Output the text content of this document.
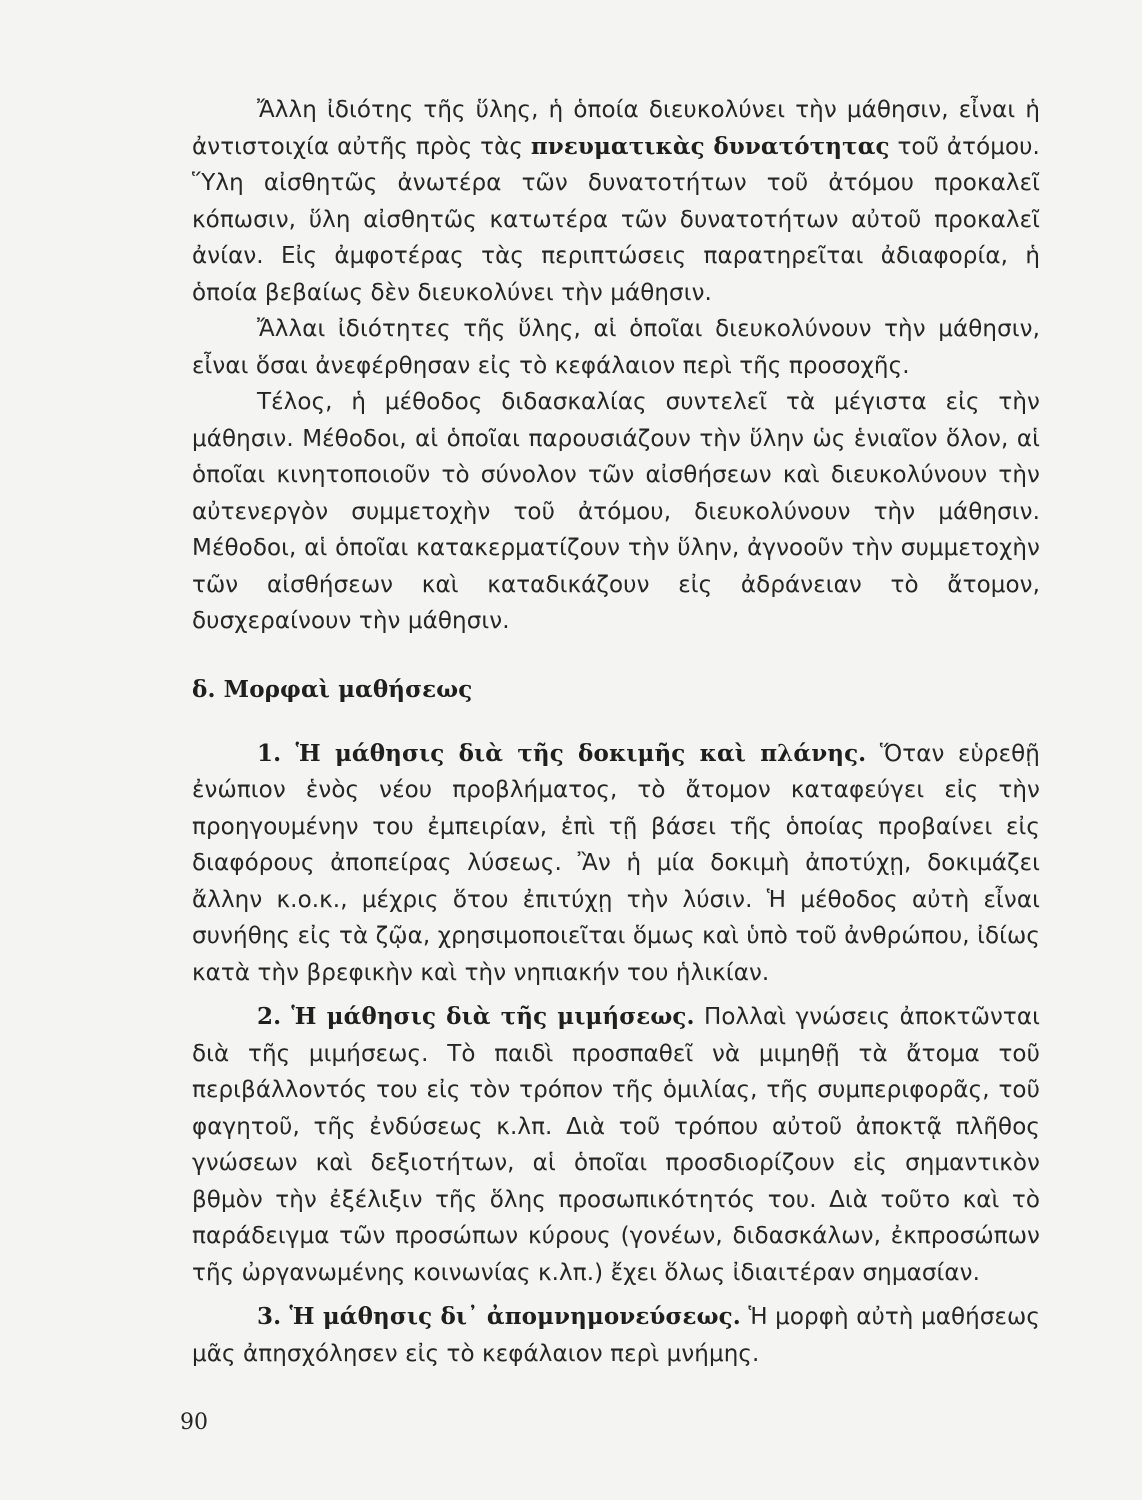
Ἄλλη ἰδιότης τῆς ὕλης, ἡ ὁποία διευκολύνει τὴν μάθησιν, εἶναι ἡ ἀντιστοιχία αὐτῆς πρὸς τὰς πνευματικὰς δυνατότητας τοῦ ἀτόμου. Ὕλη αἰσθητῶς ἀνωτέρα τῶν δυνατοτήτων τοῦ ἀτόμου προκαλεῖ κόπωσιν, ὕλη αἰσθητῶς κατωτέρα τῶν δυνατοτήτων αὐτοῦ προκαλεῖ ἀνίαν. Εἰς ἀμφοτέρας τὰς περιπτώσεις παρατηρεῖται ἀδιαφορία, ἡ ὁποία βεβαίως δὲν διευκολύνει τὴν μάθησιν.

Ἄλλαι ἰδιότητες τῆς ὕλης, αἱ ὁποῖαι διευκολύνουν τὴν μάθησιν, εἶναι ὅσαι ἀνεφέρθησαν εἰς τὸ κεφάλαιον περὶ τῆς προσοχῆς.

Τέλος, ἡ μέθοδος διδασκαλίας συντελεῖ τὰ μέγιστα εἰς τὴν μάθησιν. Μέθοδοι, αἱ ὁποῖαι παρουσιάζουν τὴν ὕλην ὡς ἑνιαῖον ὅλον, αἱ ὁποῖαι κινητοποιοῦν τὸ σύνολον τῶν αἰσθήσεων καὶ διευκολύνουν τὴν αὐτενεργὸν συμμετοχὴν τοῦ ἀτόμου, διευκολύνουν τὴν μάθησιν. Μέθοδοι, αἱ ὁποῖαι κατακερματίζουν τὴν ὕλην, ἀγνοοῦν τὴν συμμετοχὴν τῶν αἰσθήσεων καὶ καταδικάζουν εἰς ἀδράνειαν τὸ ἄτομον, δυσχεραίνουν τὴν μάθησιν.

δ. Μορφαὶ μαθήσεως

1. Ἡ μάθησις διὰ τῆς δοκιμῆς καὶ πλάνης. Ὅταν εὑρεθῇ ἐνώπιον ἑνὸς νέου προβλήματος, τὸ ἄτομον καταφεύγει εἰς τὴν προηγουμένην του ἐμπειρίαν, ἐπὶ τῇ βάσει τῆς ὁποίας προβαίνει εἰς διαφόρους ἀποπείρας λύσεως. Ἂν ἡ μία δοκιμὴ ἀποτύχῃ, δοκιμάζει ἄλλην κ.ο.κ., μέχρις ὅτου ἐπιτύχῃ τὴν λύσιν. Ἡ μέθοδος αὐτὴ εἶναι συνήθης εἰς τὰ ζῷα, χρησιμοποιεῖται ὅμως καὶ ὑπὸ τοῦ ἀνθρώπου, ἰδίως κατὰ τὴν βρεφικὴν καὶ τὴν νηπιακήν του ἡλικίαν.

2. Ἡ μάθησις διὰ τῆς μιμήσεως. Πολλαὶ γνώσεις ἀποκτῶνται διὰ τῆς μιμήσεως. Τὸ παιδὶ προσπαθεῖ νὰ μιμηθῇ τὰ ἄτομα τοῦ περιβάλλοντός του εἰς τὸν τρόπον τῆς ὁμιλίας, τῆς συμπεριφορᾶς, τοῦ φαγητοῦ, τῆς ἐνδύσεως κ.λπ. Διὰ τοῦ τρόπου αὐτοῦ ἀποκτᾷ πλῆθος γνώσεων καὶ δεξιοτήτων, αἱ ὁποῖαι προσδιορίζουν εἰς σημαντικὸν βθμὸν τὴν ἐξέλιξιν τῆς ὅλης προσωπικότητός του. Διὰ τοῦτο καὶ τὸ παράδειγμα τῶν προσώπων κύρους (γονέων, διδασκάλων, ἐκπροσώπων τῆς ὠργανωμένης κοινωνίας κ.λπ.) ἔχει ὅλως ἰδιαιτέραν σημασίαν.

3. Ἡ μάθησις δι᾽ ἀπομνημονεύσεως. Ἡ μορφὴ αὐτὴ μαθήσεως μᾶς ἀπησχόλησεν εἰς τὸ κεφάλαιον περὶ μνήμης.

90
